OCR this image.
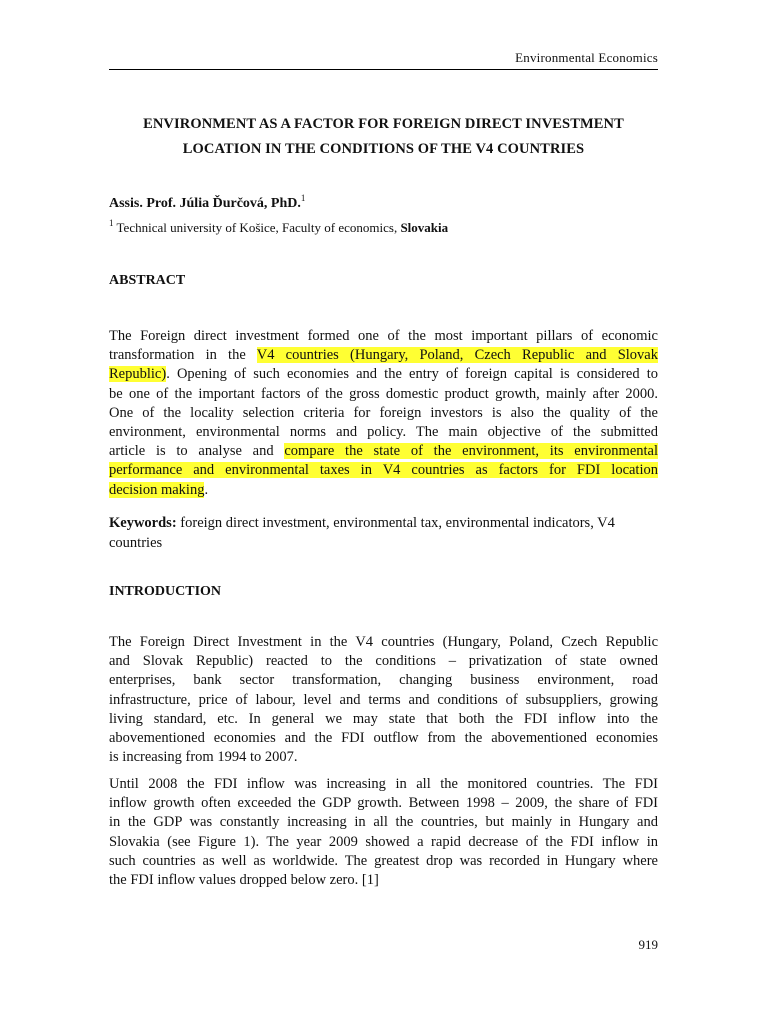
Environmental Economics
ENVIRONMENT AS A FACTOR FOR FOREIGN DIRECT INVESTMENT
LOCATION IN THE CONDITIONS OF THE V4 COUNTRIES
Assis. Prof. Júlia Ďurčová, PhD.$^1$
$^1$ Technical university of Košice, Faculty of economics, Slovakia
ABSTRACT
The Foreign direct investment formed one of the most important pillars of economic
transformation in the V4 countries (Hungary, Poland, Czech Republic and Slovak
Republic). Opening of such economies and the entry of foreign capital is considered to
be one of the important factors of the gross domestic product growth, mainly after 2000.
One of the locality selection criteria for foreign investors is also the quality of the
environment, environmental norms and policy. The main objective of the submitted
article is to analyse and compare the state of the environment, its environmental
performance and environmental taxes in V4 countries as factors for FDI location
decision making.
Keywords: foreign direct investment, environmental tax, environmental indicators, V4 countries
INTRODUCTION
The Foreign Direct Investment in the V4 countries (Hungary, Poland, Czech Republic
and Slovak Republic) reacted to the conditions – privatization of state owned
enterprises, bank sector transformation, changing business environment, road
infrastructure, price of labour, level and terms and conditions of subsuppliers, growing
living standard, etc. In general we may state that both the FDI inflow into the
abovementioned economies and the FDI outflow from the abovementioned economies
is increasing from 1994 to 2007.
Until 2008 the FDI inflow was increasing in all the monitored countries. The FDI
inflow growth often exceeded the GDP growth. Between 1998 – 2009, the share of FDI
in the GDP was constantly increasing in all the countries, but mainly in Hungary and
Slovakia (see Figure 1). The year 2009 showed a rapid decrease of the FDI inflow in
such countries as well as worldwide. The greatest drop was recorded in Hungary where
the FDI inflow values dropped below zero. [1]
919
